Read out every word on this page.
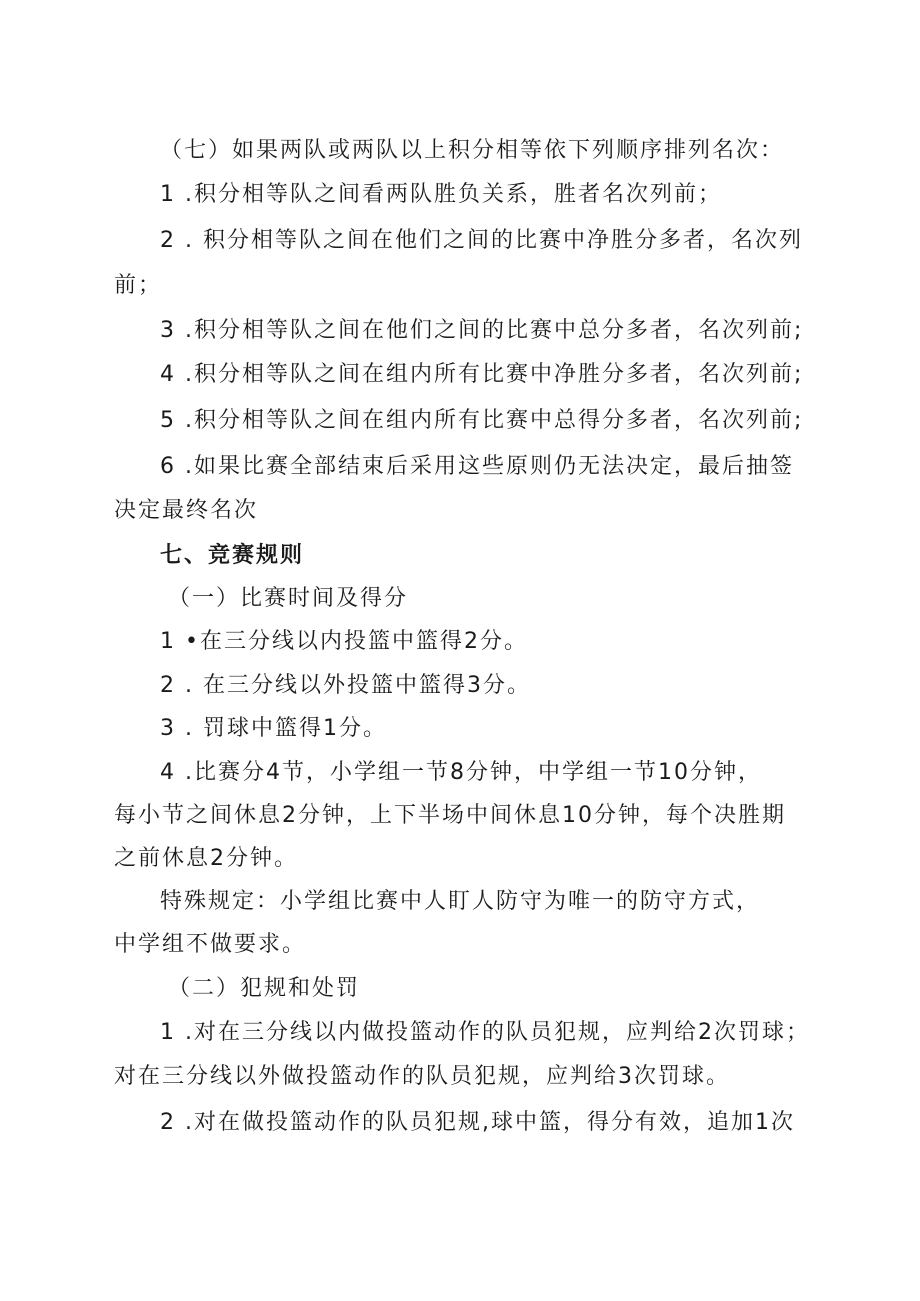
（七）如果两队或两队以上积分相等依下列顺序排列名次：
1 .积分相等队之间看两队胜负关系，胜者名次列前；
2 . 积分相等队之间在他们之间的比赛中净胜分多者，名次列
前；
3 .积分相等队之间在他们之间的比赛中总分多者，名次列前;
4 .积分相等队之间在组内所有比赛中净胜分多者，名次列前;
5 .积分相等队之间在组内所有比赛中总得分多者，名次列前;
6 .如果比赛全部结束后采用这些原则仍无法决定，最后抽签
决定最终名次
七、竞赛规则
（一）比赛时间及得分
1 •在三分线以内投篮中篮得2分。
2 . 在三分线以外投篮中篮得3分。
3 . 罚球中篮得1分。
4 .比赛分4节，小学组一节8分钟，中学组一节10分钟，
每小节之间休息2分钟，上下半场中间休息10分钟，每个决胜期
之前休息2分钟。
特殊规定：小学组比赛中人盯人防守为唯一的防守方式，
中学组不做要求。
（二）犯规和处罚
1 .对在三分线以内做投篮动作的队员犯规，应判给2次罚球；
对在三分线以外做投篮动作的队员犯规，应判给3次罚球。
2 .对在做投篮动作的队员犯规,球中篮，得分有效，追加1次
